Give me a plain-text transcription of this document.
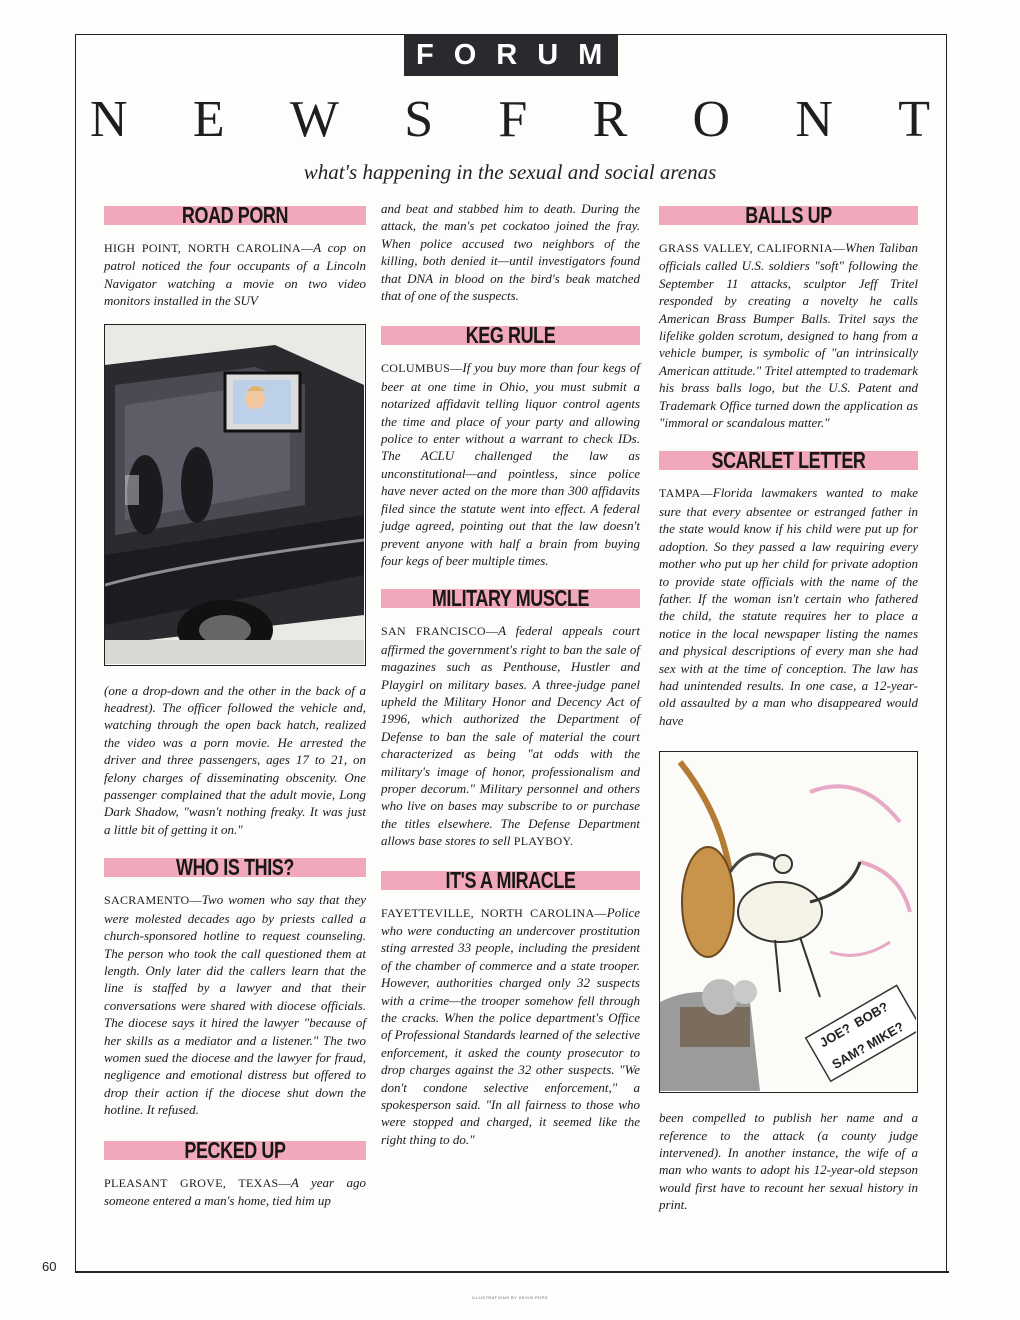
FORUM
N E W S F R O N T
what's happening in the sexual and social arenas
ROAD PORN

HIGH POINT, NORTH CAROLINA—A cop on patrol noticed the four occupants of a Lincoln Navigator watching a movie on two video monitors installed in the SUV

(one a drop-down and the other in the back of a headrest). The officer followed the vehicle and, watching through the open back hatch, realized the video was a porn movie. He arrested the driver and three passengers, ages 17 to 21, on felony charges of disseminating obscenity. One passenger complained that the adult movie, Long Dark Shadow, "wasn't nothing freaky. It was just a little bit of getting it on."

WHO IS THIS?

SACRAMENTO—Two women who say that they were molested decades ago by priests called a church-sponsored hotline to request counseling. The person who took the call questioned them at length. Only later did the callers learn that the line is staffed by a lawyer and that their conversations were shared with diocese officials. The diocese says it hired the lawyer "because of her skills as a mediator and a listener." The two women sued the diocese and the lawyer for fraud, negligence and emotional distress but offered to drop their action if the diocese shut down the hotline. It refused.

PECKED UP

PLEASANT GROVE, TEXAS—A year ago someone entered a man's home, tied him up

and beat and stabbed him to death. During the attack, the man's pet cockatoo joined the fray. When police accused two neighbors of the killing, both denied it—until investigators found that DNA in blood on the bird's beak matched that of one of the suspects.

KEG RULE

COLUMBUS—If you buy more than four kegs of beer at one time in Ohio, you must submit a notarized affidavit telling liquor control agents the time and place of your party and allowing police to enter without a warrant to check IDs. The ACLU challenged the law as unconstitutional—and pointless, since police have never acted on the more than 300 affidavits filed since the statute went into effect. A federal judge agreed, pointing out that the law doesn't prevent anyone with half a brain from buying four kegs of beer multiple times.

MILITARY MUSCLE

SAN FRANCISCO—A federal appeals court affirmed the government's right to ban the sale of magazines such as Penthouse, Hustler and Playgirl on military bases. A three-judge panel upheld the Military Honor and Decency Act of 1996, which authorized the Department of Defense to ban the sale of material the court characterized as being "at odds with the military's image of honor, professionalism and proper decorum." Military personnel and others who live on bases may subscribe to or purchase the titles elsewhere. The Defense Department allows base stores to sell PLAYBOY.

IT'S A MIRACLE

FAYETTEVILLE, NORTH CAROLINA—Police who were conducting an undercover prostitution sting arrested 33 people, including the president of the chamber of commerce and a state trooper. However, authorities charged only 32 suspects with a crime—the trooper somehow fell through the cracks. When the police department's Office of Professional Standards learned of the selective enforcement, it asked the county prosecutor to drop charges against the 32 other suspects. "We don't condone selective enforcement," a spokesperson said. "In all fairness to those who were stopped and charged, it seemed like the right thing to do."

BALLS UP

GRASS VALLEY, CALIFORNIA—When Taliban officials called U.S. soldiers "soft" following the September 11 attacks, sculptor Jeff Tritel responded by creating a novelty he calls American Brass Bumper Balls. Tritel says the lifelike golden scrotum, designed to hang from a vehicle bumper, is symbolic of "an intrinsically American attitude." Tritel attempted to trademark his brass balls logo, but the U.S. Patent and Trademark Office turned down the application as "immoral or scandalous matter."

SCARLET LETTER

TAMPA—Florida lawmakers wanted to make sure that every absentee or estranged father in the state would know if his child were put up for adoption. So they passed a law requiring every mother who put up her child for private adoption to provide state officials with the name of the father. If the woman isn't certain who fathered the child, the statute requires her to place a notice in the local newspaper listing the names and physical descriptions of every man she had sex with at the time of conception. The law has had unintended results. In one case, a 12-year-old assaulted by a man who disappeared would have

JOE?
BOB?
SAM?
MIKE?

been compelled to publish her name and a reference to the attack (a county judge intervened). In another instance, the wife of a man who wants to adopt his 12-year-old stepson would first have to recount her sexual history in print.

60
ILLUSTRATIONS BY KEVIN POPE
